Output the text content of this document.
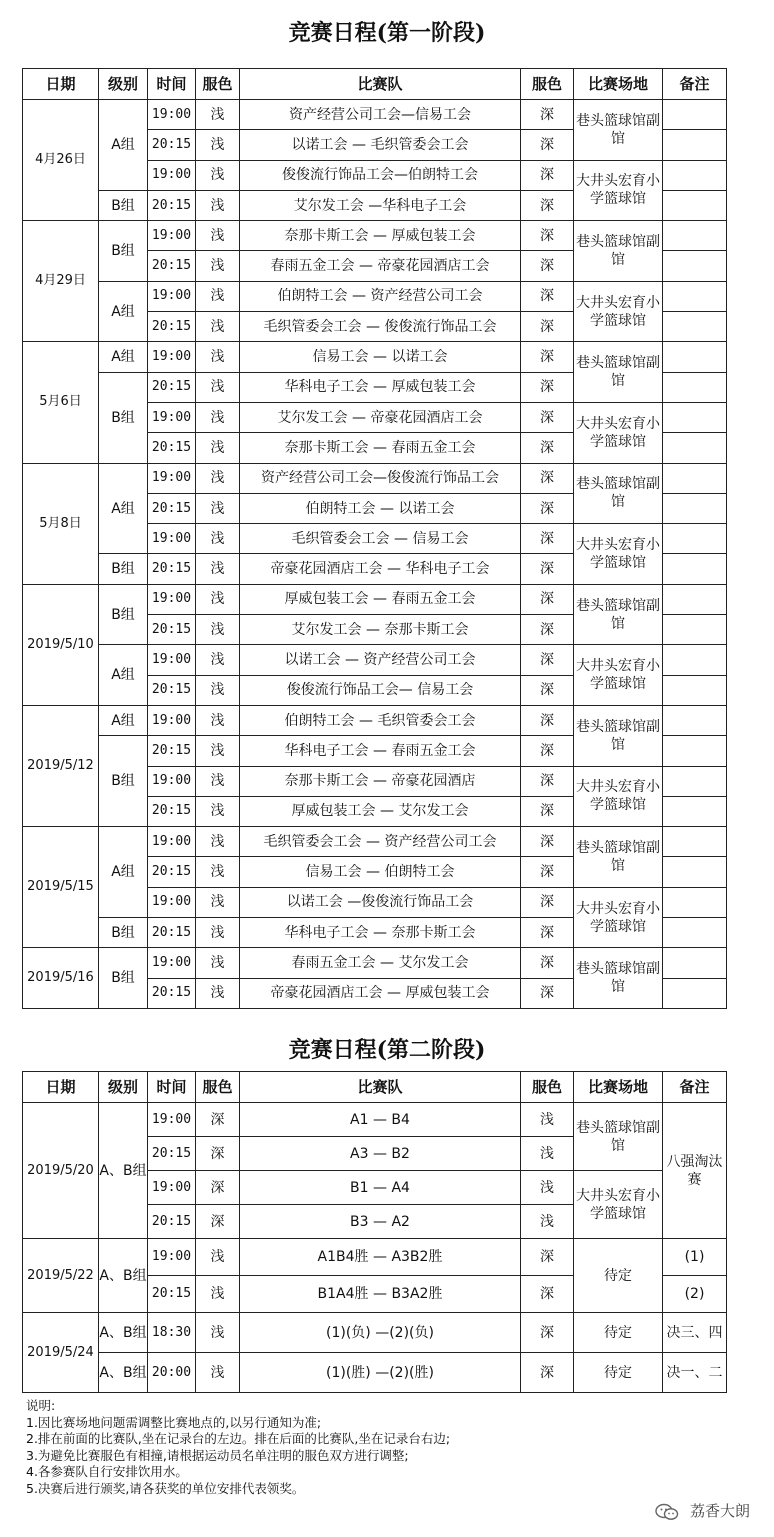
竞赛日程(第一阶段)
日期	级别	时间	服色	比赛队	服色	比赛场地	备注
4月26日	A组	19:00	浅	资产经营公司工会—信易工会	深	巷头篮球馆副馆	
		20:15	浅	以诺工会 — 毛织管委会工会	深		
		19:00	浅	俊俊流行饰品工会—伯朗特工会	深	大井头宏育小学篮球馆	
	B组	20:15	浅	艾尔发工会 —华科电子工会	深		
4月29日	B组	19:00	浅	奈那卡斯工会 — 厚威包装工会	深	巷头篮球馆副馆	
		20:15	浅	春雨五金工会 — 帝豪花园酒店工会	深		
	A组	19:00	浅	伯朗特工会 — 资产经营公司工会	深	大井头宏育小学篮球馆	
		20:15	浅	毛织管委会工会 — 俊俊流行饰品工会	深		
5月6日	A组	19:00	浅	信易工会 — 以诺工会	深	巷头篮球馆副馆	
	B组	20:15	浅	华科电子工会 — 厚威包装工会	深		
		19:00	浅	艾尔发工会 — 帝豪花园酒店工会	深	大井头宏育小学篮球馆	
		20:15	浅	奈那卡斯工会 — 春雨五金工会	深		
5月8日	A组	19:00	浅	资产经营公司工会—俊俊流行饰品工会	深	巷头篮球馆副馆	
		20:15	浅	伯朗特工会 — 以诺工会	深		
		19:00	浅	毛织管委会工会 — 信易工会	深	大井头宏育小学篮球馆	
	B组	20:15	浅	帝豪花园酒店工会 — 华科电子工会	深		
2019/5/10	B组	19:00	浅	厚威包装工会 — 春雨五金工会	深	巷头篮球馆副馆	
		20:15	浅	艾尔发工会 — 奈那卡斯工会	深		
	A组	19:00	浅	以诺工会 — 资产经营公司工会	深	大井头宏育小学篮球馆	
		20:15	浅	俊俊流行饰品工会— 信易工会	深		
2019/5/12	A组	19:00	浅	伯朗特工会 — 毛织管委会工会	深	巷头篮球馆副馆	
	B组	20:15	浅	华科电子工会 — 春雨五金工会	深		
		19:00	浅	奈那卡斯工会 — 帝豪花园酒店	深	大井头宏育小学篮球馆	
		20:15	浅	厚威包装工会 — 艾尔发工会	深		
2019/5/15	A组	19:00	浅	毛织管委会工会 — 资产经营公司工会	深	巷头篮球馆副馆	
		20:15	浅	信易工会 — 伯朗特工会	深		
		19:00	浅	以诺工会 —俊俊流行饰品工会	深	大井头宏育小学篮球馆	
	B组	20:15	浅	华科电子工会 — 奈那卡斯工会	深		
2019/5/16	B组	19:00	浅	春雨五金工会 — 艾尔发工会	深	巷头篮球馆副馆	
		20:15	浅	帝豪花园酒店工会 — 厚威包装工会	深		
竞赛日程(第二阶段)
日期	级别	时间	服色	比赛队	服色	比赛场地	备注
2019/5/20	A、B组	19:00	深	A1 — B4	浅	巷头篮球馆副馆	八强淘汰赛
		20:15	深	A3 — B2	浅		
		19:00	深	B1 — A4	浅	大井头宏育小学篮球馆	
		20:15	深	B3 — A2	浅		
2019/5/22	A、B组	19:00	浅	A1B4胜 — A3B2胜	深	待定	(1)
		20:15	浅	B1A4胜 — B3A2胜	深		(2)
2019/5/24	A、B组	18:30	浅	(1)(负) —(2)(负)	深	待定	决三、四
	A、B组	20:00	浅	(1)(胜) —(2)(胜)	深	待定	决一、二
说明:
1.因比赛场地问题需调整比赛地点的,以另行通知为准;
2.排在前面的比赛队,坐在记录台的左边。排在后面的比赛队,坐在记录台右边;
3.为避免比赛服色有相撞,请根据运动员名单注明的服色双方进行调整;
4.各参赛队自行安排饮用水。
5.决赛后进行颁奖,请各获奖的单位安排代表领奖。
荔香大朗
